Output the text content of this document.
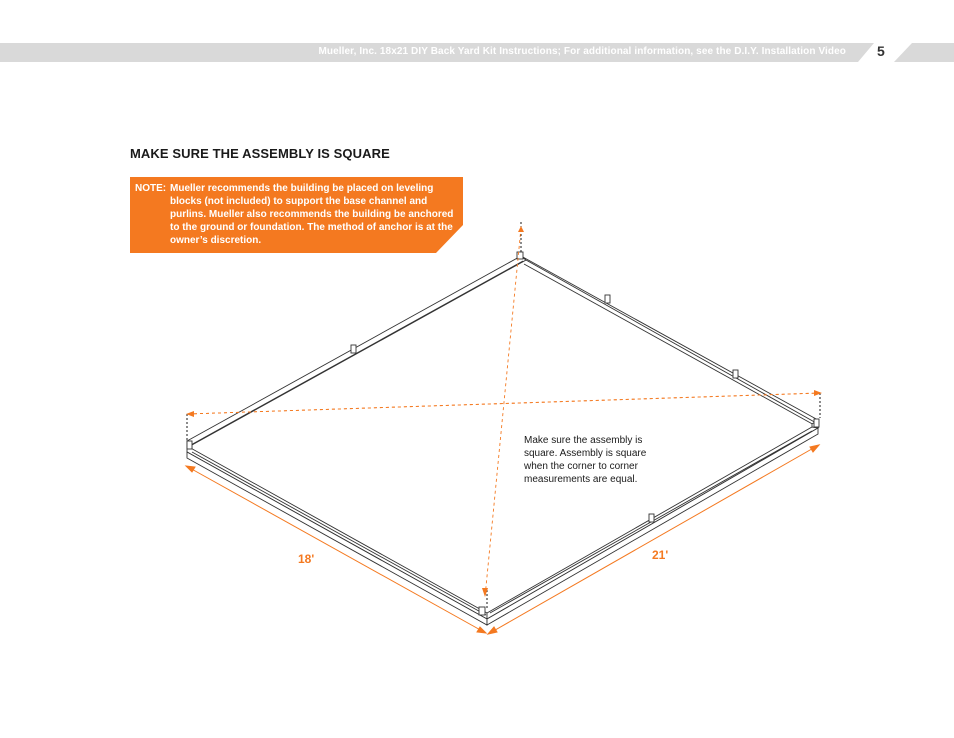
Mueller, Inc. 18x21 DIY Back Yard Kit Instructions; For additional information, see the D.I.Y. Installation Video 5
MAKE SURE THE ASSEMBLY IS SQUARE
NOTE: Mueller recommends the building be placed on leveling blocks (not included) to support the base channel and purlins. Mueller also recommends the building be anchored to the ground or foundation. The method of anchor is at the owner’s discretion.
Make sure the assembly is square. Assembly is square when the corner to corner measurements are equal.
18'	21'
